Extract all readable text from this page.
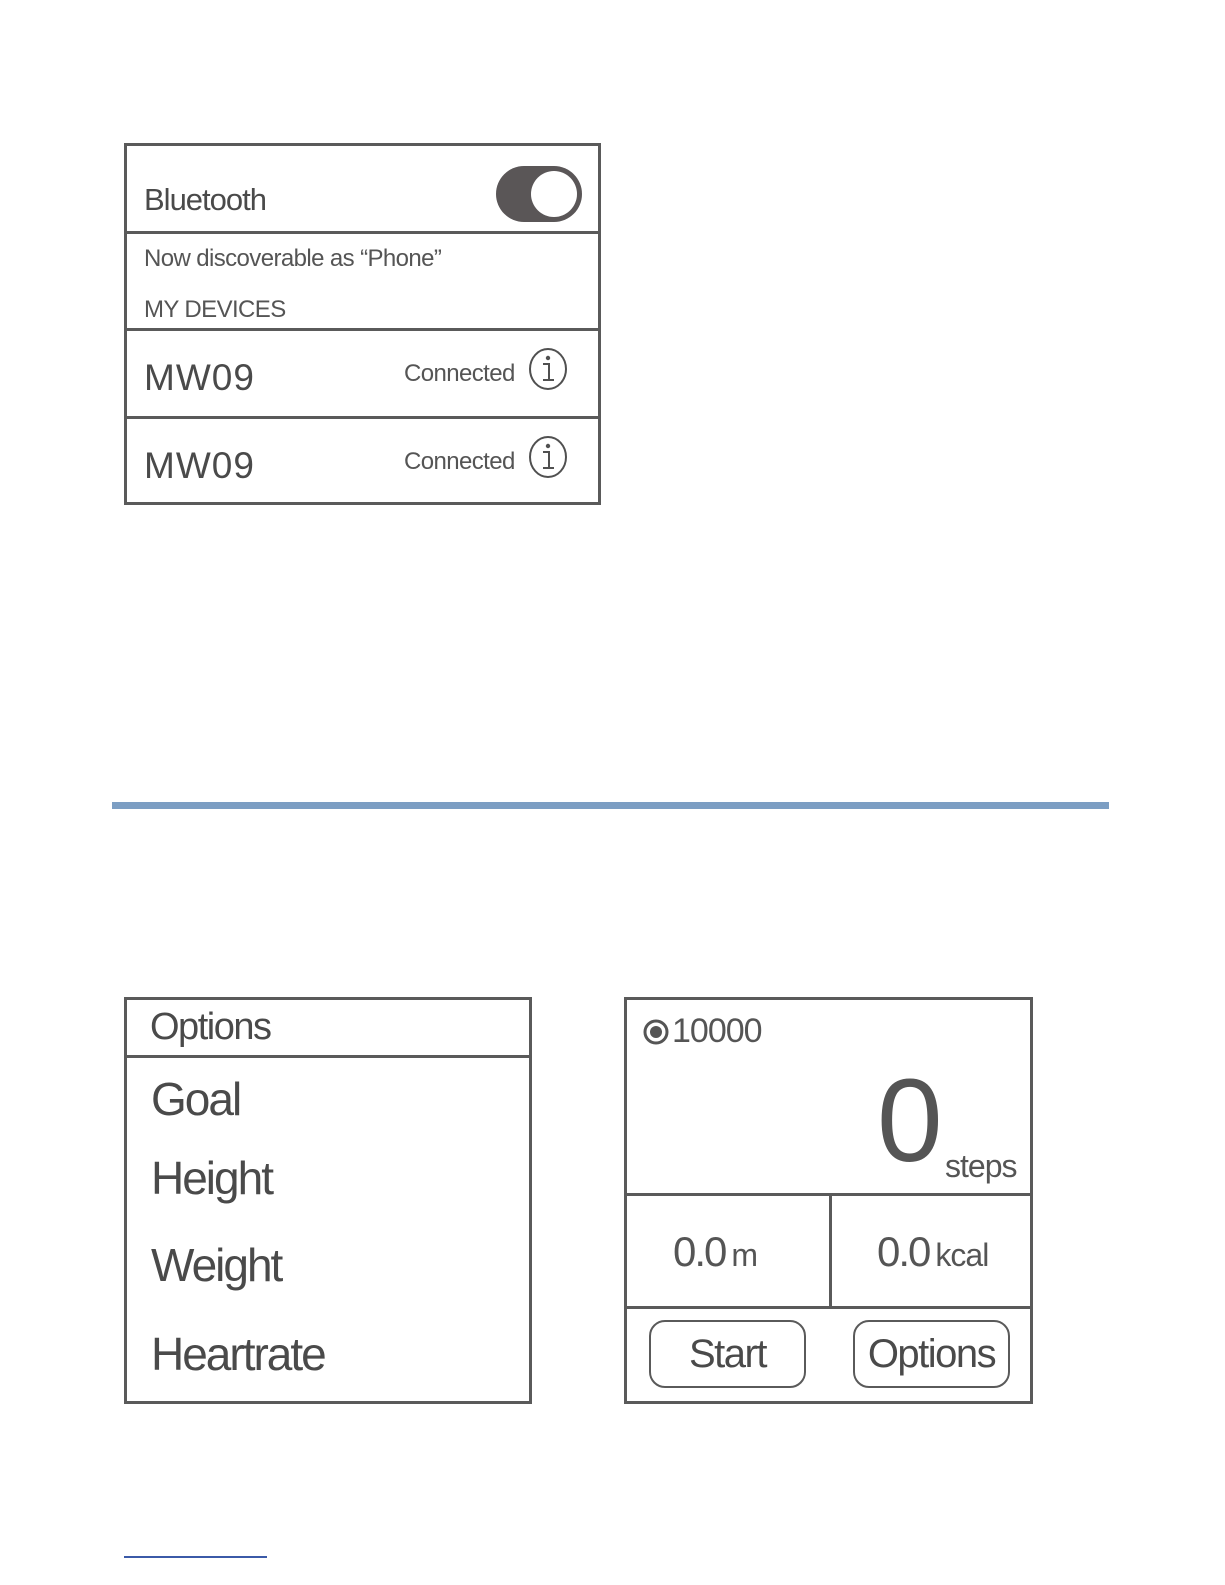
Bluetooth
Now discoverable as “Phone”
MY DEVICES
MW09	Connected
MW09	Connected
Options
Goal
Height
Weight
Heartrate
10000
0 steps
0.0 m	0.0 kcal
Start	Options
